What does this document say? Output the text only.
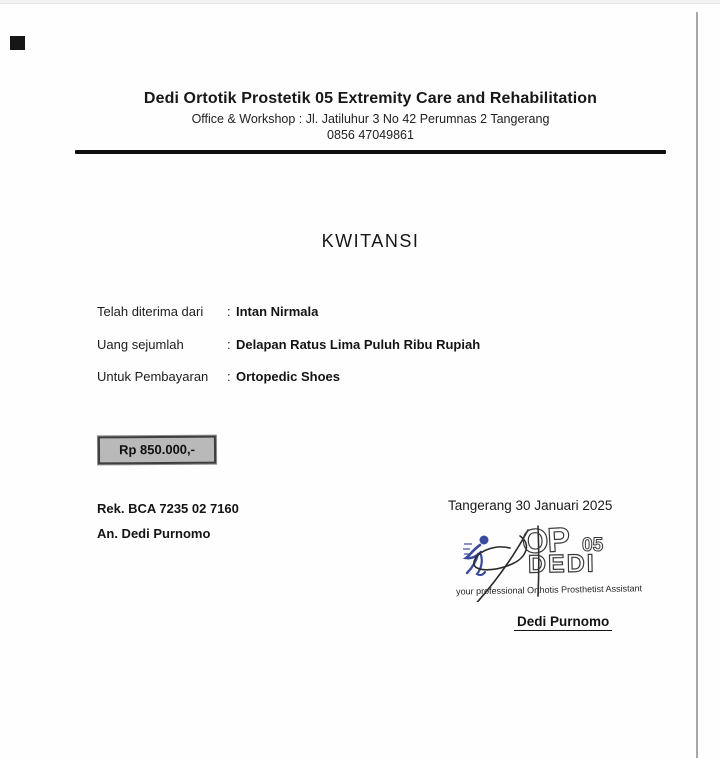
Dedi Ortotik Prostetik 05 Extremity Care and Rehabilitation
Office & Workshop : Jl. Jatiluhur 3 No 42 Perumnas 2 Tangerang
0856 47049861
KWITANSI
Telah diterima dari : Intan Nirmala
Uang sejumlah	: Delapan Ratus Lima Puluh Ribu Rupiah
Untuk Pembayaran : Ortopedic Shoes
Rp 850.000,-
Rek. BCA 7235 02 7160
An. Dedi Purnomo
Tangerang 30 Januari 2025
OP 05
DEDI
your professional Orthotis Prosthetist Assistant
Dedi Purnomo
